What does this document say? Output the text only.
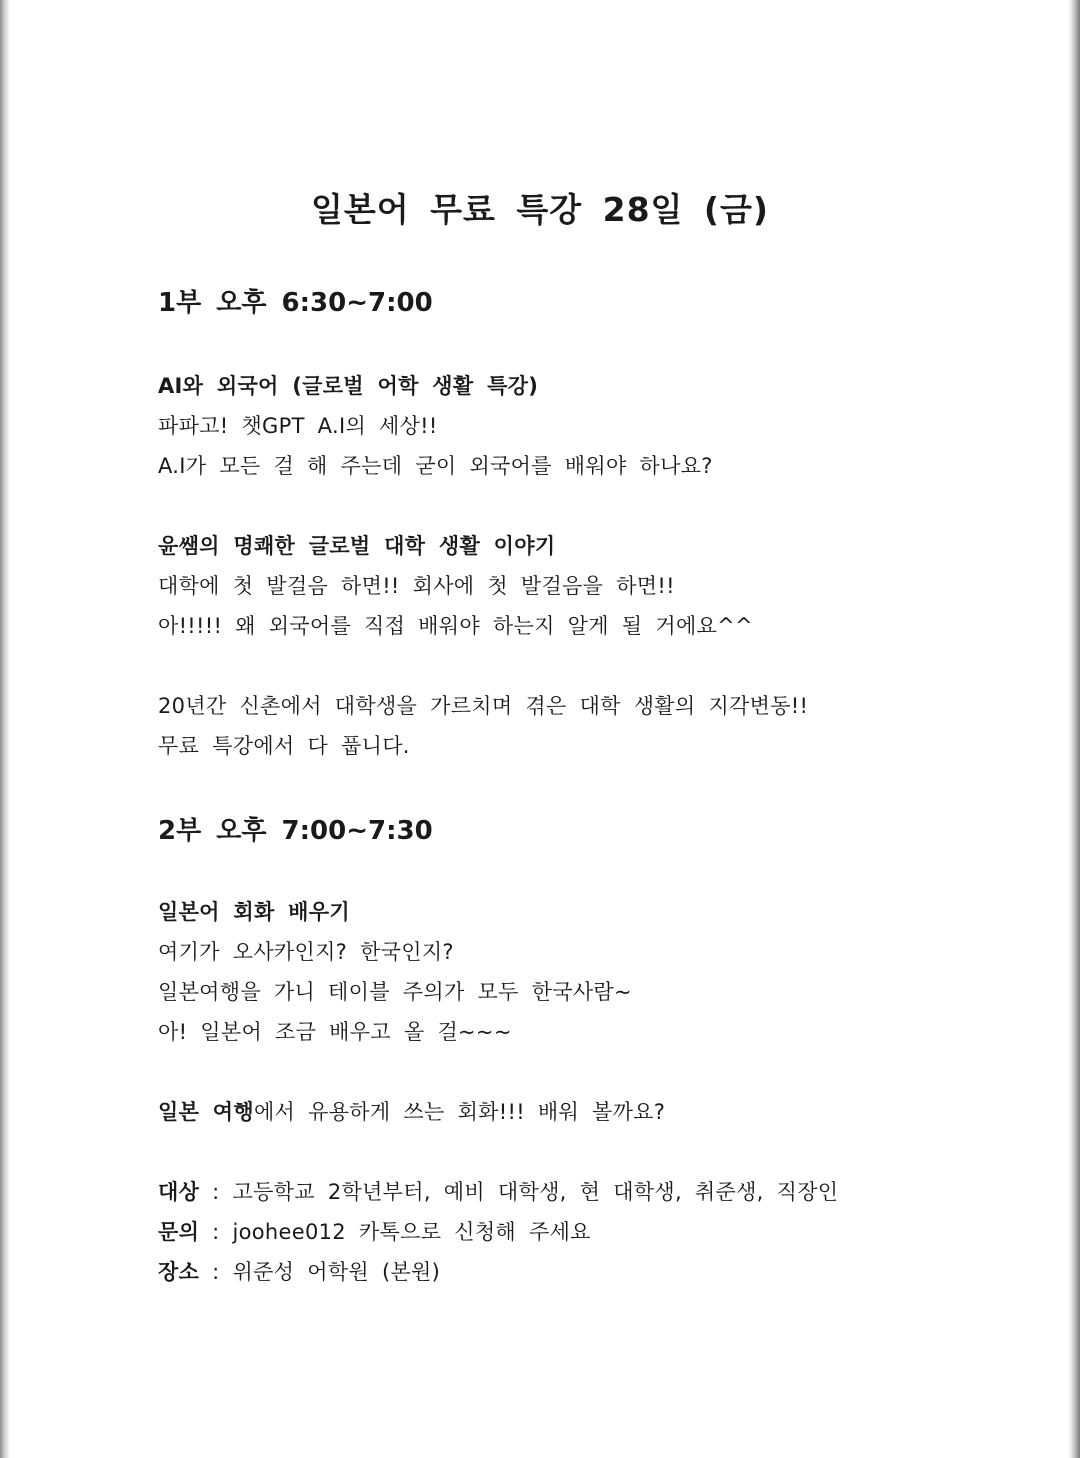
일본어 무료 특강 28일 (금)
1부 오후 6:30~7:00
AI와 외국어 (글로벌 어학 생활 특강)
파파고! 챗GPT A.I의 세상!!
A.I가 모든 걸 해 주는데 굳이 외국어를 배워야 하나요?
윤쌤의 명쾌한 글로벌 대학 생활 이야기
대학에 첫 발걸음 하면!! 회사에 첫 발걸음을 하면!!
아!!!!! 왜 외국어를 직접 배워야 하는지 알게 될 거에요^^
20년간 신촌에서 대학생을 가르치며 겪은 대학 생활의 지각변동!!
무료 특강에서 다 풉니다.
2부 오후 7:00~7:30
일본어 회화 배우기
여기가 오사카인지? 한국인지?
일본여행을 가니 테이블 주의가 모두 한국사람~
아! 일본어 조금 배우고 올 걸~~~
일본 여행에서 유용하게 쓰는 회화!!! 배워 볼까요?
대상 : 고등학교 2학년부터, 예비 대학생, 현 대학생, 취준생, 직장인
문의 : joohee012 카톡으로 신청해 주세요
장소 : 위준성 어학원 (본원)
